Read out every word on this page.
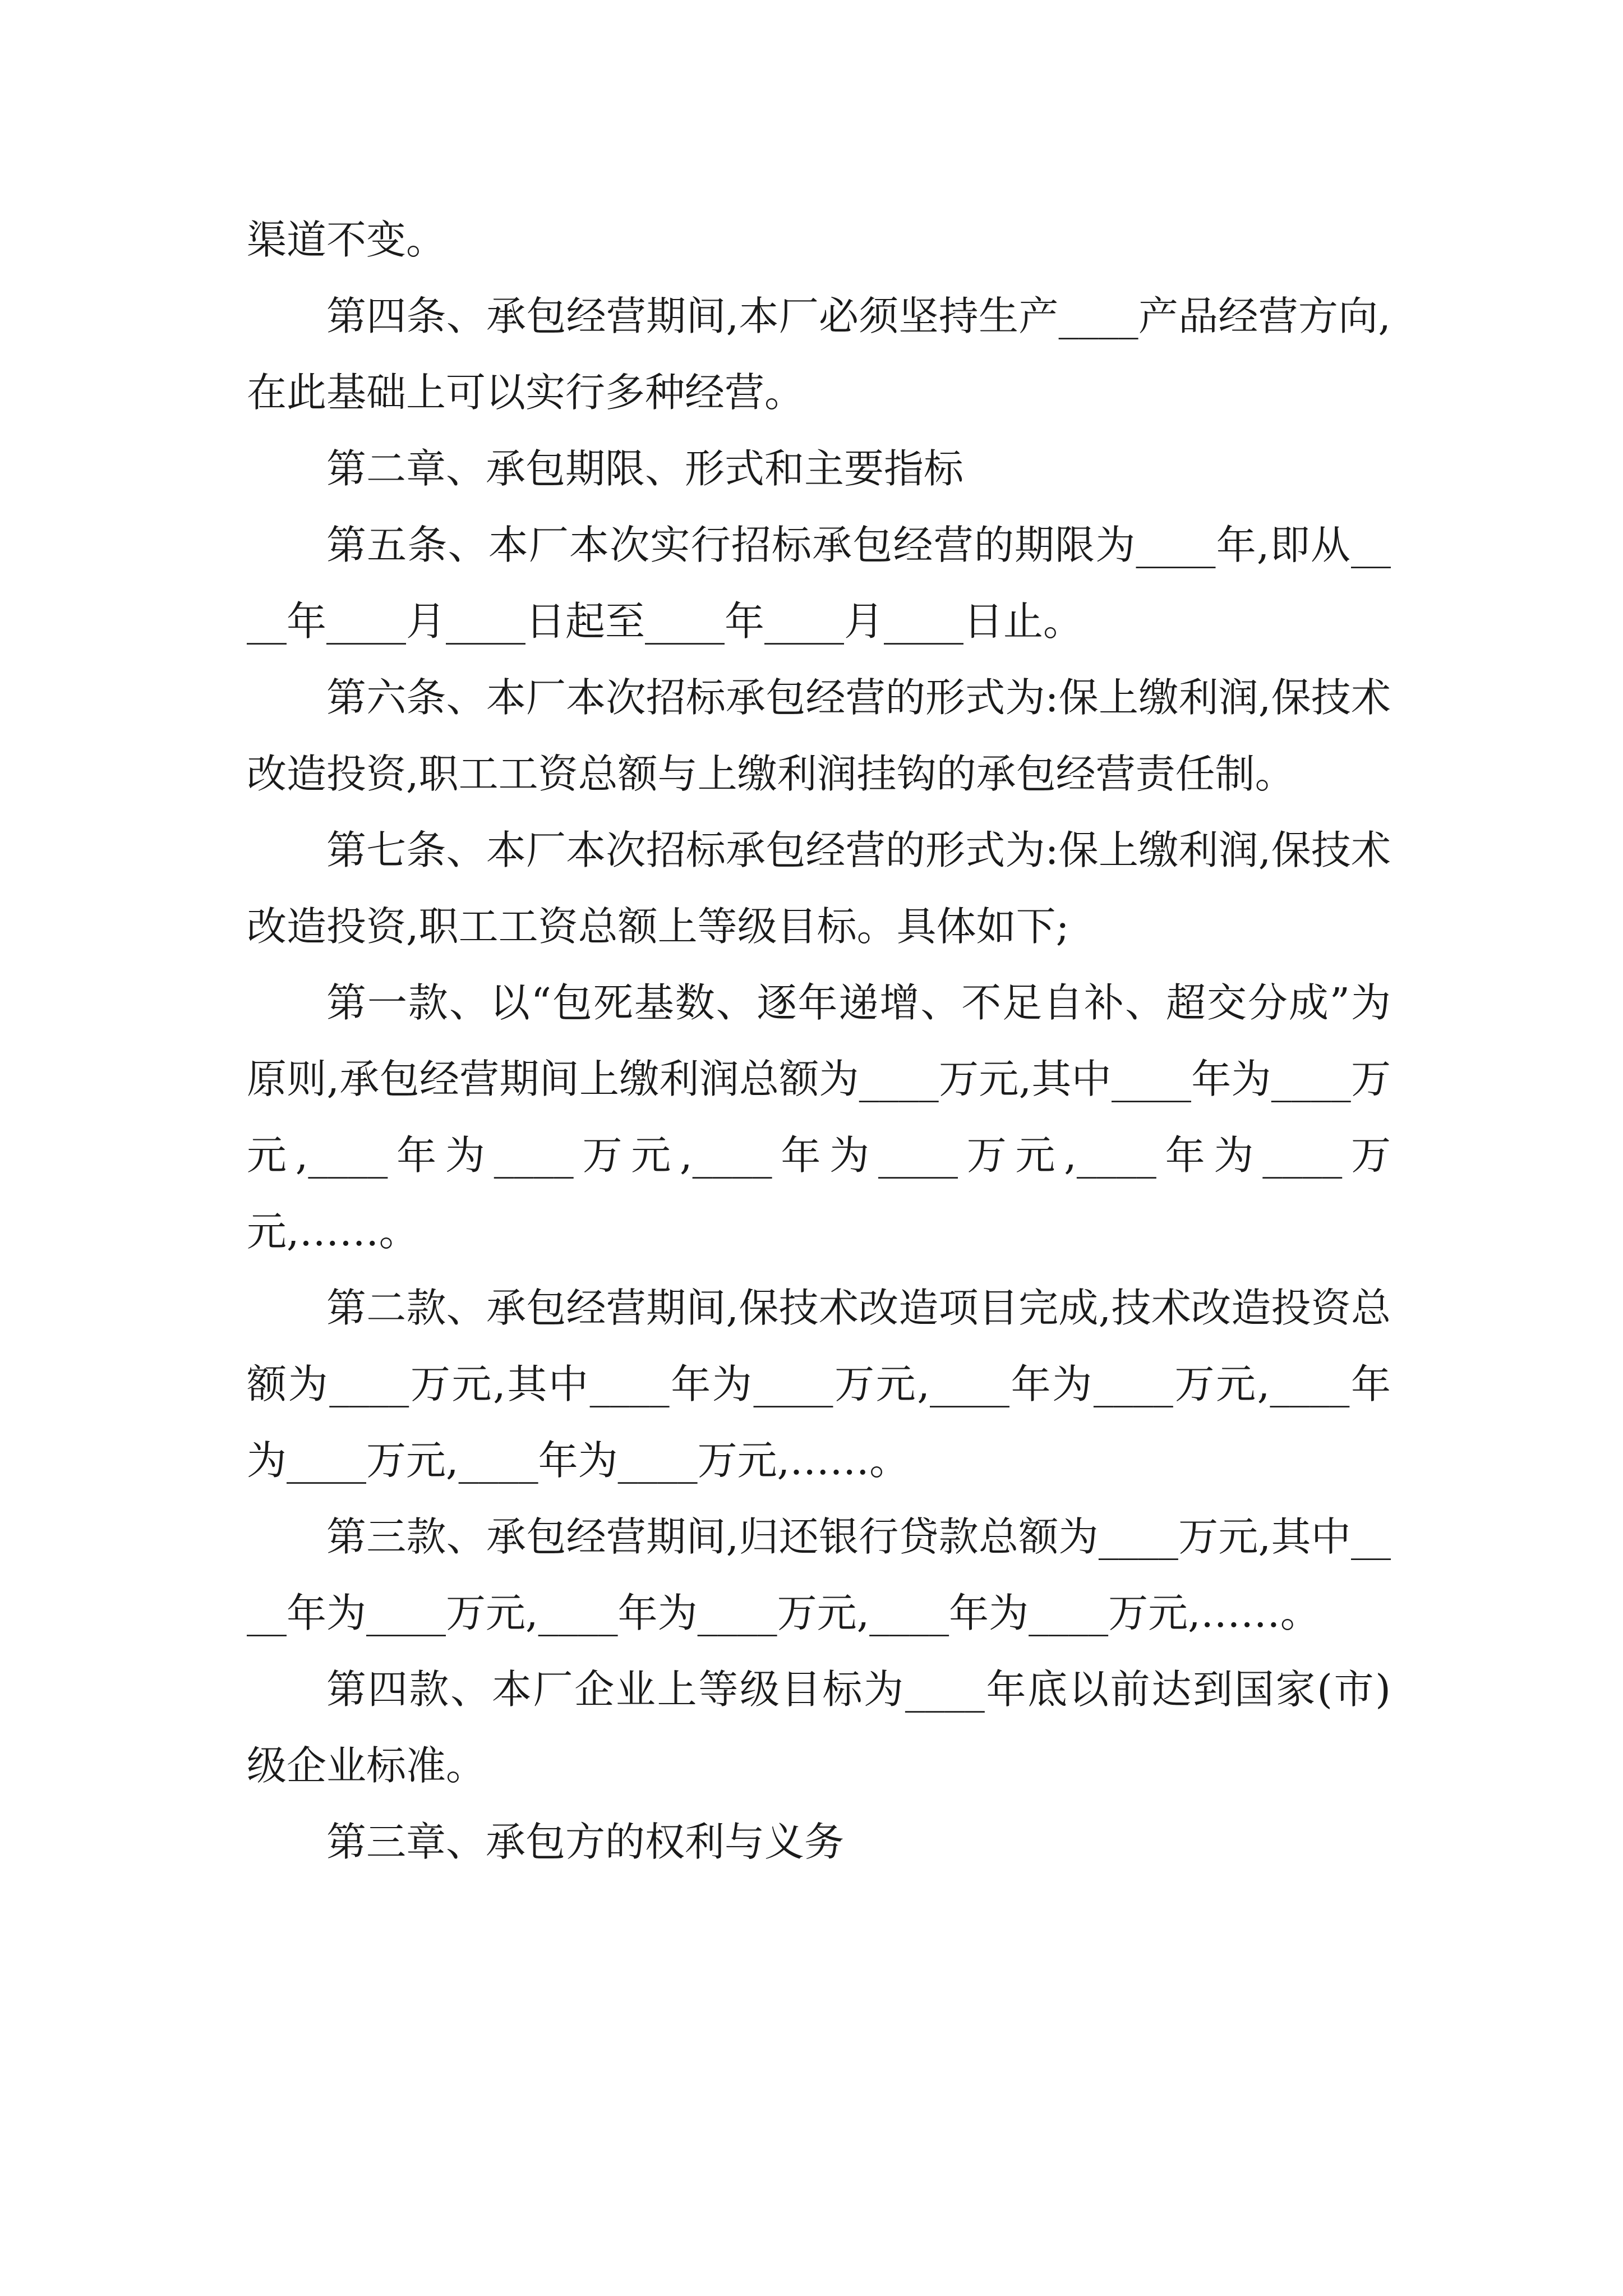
渠道不变。

第四条、承包经营期间,本厂必须坚持生产____产品经营方向,在此基础上可以实行多种经营。

第二章、承包期限、形式和主要指标

第五条、本厂本次实行招标承包经营的期限为____年,即从____年____月____日起至____年____月____日止。

第六条、本厂本次招标承包经营的形式为:保上缴利润,保技术改造投资,职工工资总额与上缴利润挂钩的承包经营责任制。

第七条、本厂本次招标承包经营的形式为:保上缴利润,保技术改造投资,职工工资总额上等级目标。具体如下;

第一款、以“包死基数、逐年递增、不足自补、超交分成”为原则,承包经营期间上缴利润总额为____万元,其中____年为____万元,____年为____万元,____年为____万元,____年为____万元,……。

第二款、承包经营期间,保技术改造项目完成,技术改造投资总额为____万元,其中____年为____万元,____年为____万元,____年为____万元,____年为____万元,……。

第三款、承包经营期间,归还银行贷款总额为____万元,其中____年为____万元,____年为____万元,____年为____万元,……。

第四款、本厂企业上等级目标为____年底以前达到国家(市)级企业标准。

第三章、承包方的权利与义务
